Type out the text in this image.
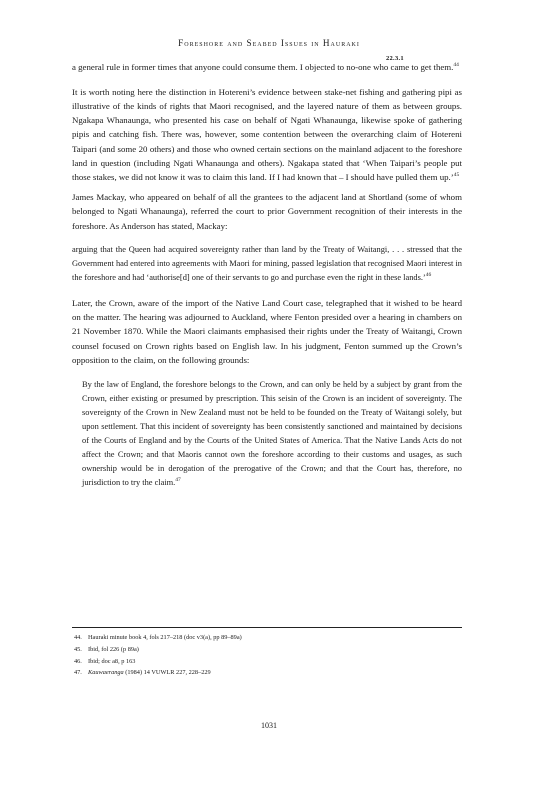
Foreshore and Seabed Issues in Hauraki
22.3.1

a general rule in former times that anyone could consume them. I objected to no-one who came to get them.$^{44}$

It is worth noting here the distinction in Hotereni’s evidence between stake-net fishing and gathering pipi as illustrative of the kinds of rights that Maori recognised, and the layered nature of them as between groups. Ngakapa Whanaunga, who presented his case on behalf of Ngati Whanaunga, likewise spoke of gathering pipis and catching fish. There was, however, some contention between the overarching claim of Hotereni Taipari (and some 20 others) and those who owned certain sections on the mainland adjacent to the foreshore land in question (including Ngati Whanaunga and others). Ngakapa stated that ‘When Taipari’s people put those stakes, we did not know it was to claim this land. If I had known that – I should have pulled them up.’$^{45}$

James Mackay, who appeared on behalf of all the grantees to the adjacent land at Shortland (some of whom belonged to Ngati Whanaunga), referred the court to prior Government recognition of their interests in the foreshore. As Anderson has stated, Mackay:

arguing that the Queen had acquired sovereignty rather than land by the Treaty of Waitangi, . . . stressed that the Government had entered into agreements with Maori for mining, passed legislation that recognised Maori interest in the foreshore and had ‘authorise[d] one of their servants to go and purchase even the right in these lands.’$^{46}$

Later, the Crown, aware of the import of the Native Land Court case, telegraphed that it wished to be heard on the matter. The hearing was adjourned to Auckland, where Fenton presided over a hearing in chambers on 21 November 1870. While the Maori claimants emphasised their rights under the Treaty of Waitangi, Crown counsel focused on Crown rights based on English law. In his judgment, Fenton summed up the Crown’s opposition to the claim, on the following grounds:

By the law of England, the foreshore belongs to the Crown, and can only be held by a subject by grant from the Crown, either existing or presumed by prescription. This seisin of the Crown is an incident of sovereignty. The sovereignty of the Crown in New Zealand must not be held to be founded on the Treaty of Waitangi solely, but upon settlement. That this incident of sovereignty has been consistently sanctioned and maintained by decisions of the Courts of England and by the Courts of the United States of America. That the Native Lands Acts do not affect the Crown; and that Maoris cannot own the foreshore according to their customs and usages, as such ownership would be in derogation of the prerogative of the Crown; and that the Court has, therefore, no jurisdiction to try the claim.$^{47}$

44. Hauraki minute book 4, fols 217–218 (doc v3(a), pp 89–89a)
45. Ibid, fol 226 (p 89a)
46. Ibid; doc a8, p 163
47. Kauwaeranga (1984) 14 VUWLR 227, 228–229
1031
